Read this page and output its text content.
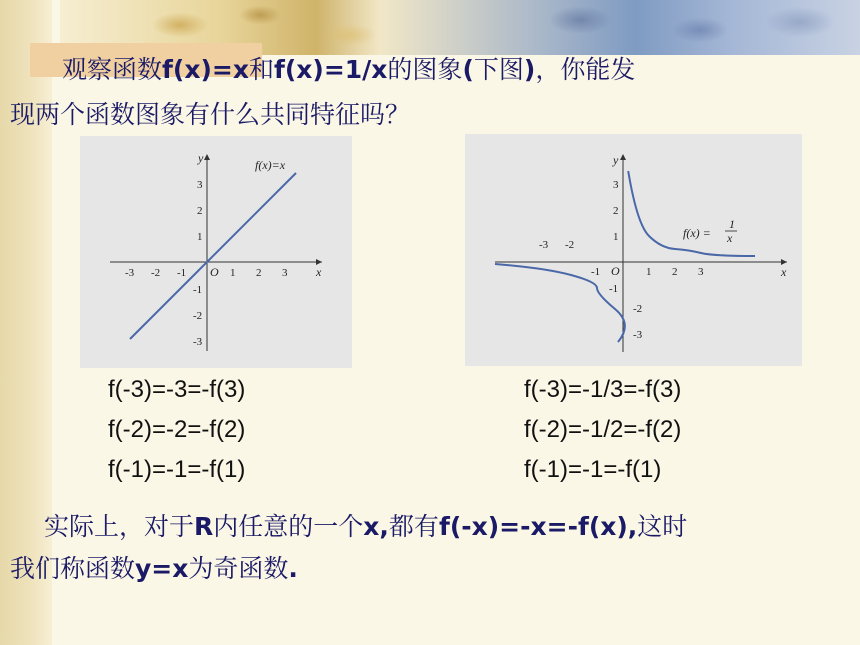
观察函数f(x)=x和f(x)=1/x的图象(下图)，你能发
现两个函数图象有什么共同特征吗？
x
y	f(x)=x
O
-3 -2 -1	1 2 3
3
2
1
-1
-2
-3
x
y
f(x) =
1
x
O
-3 -2
-1	1 2 3
3
2
1
-1
-2
-3
f(-3)=-3=-f(3)
f(-2)=-2=-f(2)
f(-1)=-1=-f(1)
f(-3)=-1/3=-f(3)
f(-2)=-1/2=-f(2)
f(-1)=-1=-f(1)
实际上，对于R内任意的一个x,都有f(-x)=-x=-f(x),这时
我们称函数y=x为奇函数.
